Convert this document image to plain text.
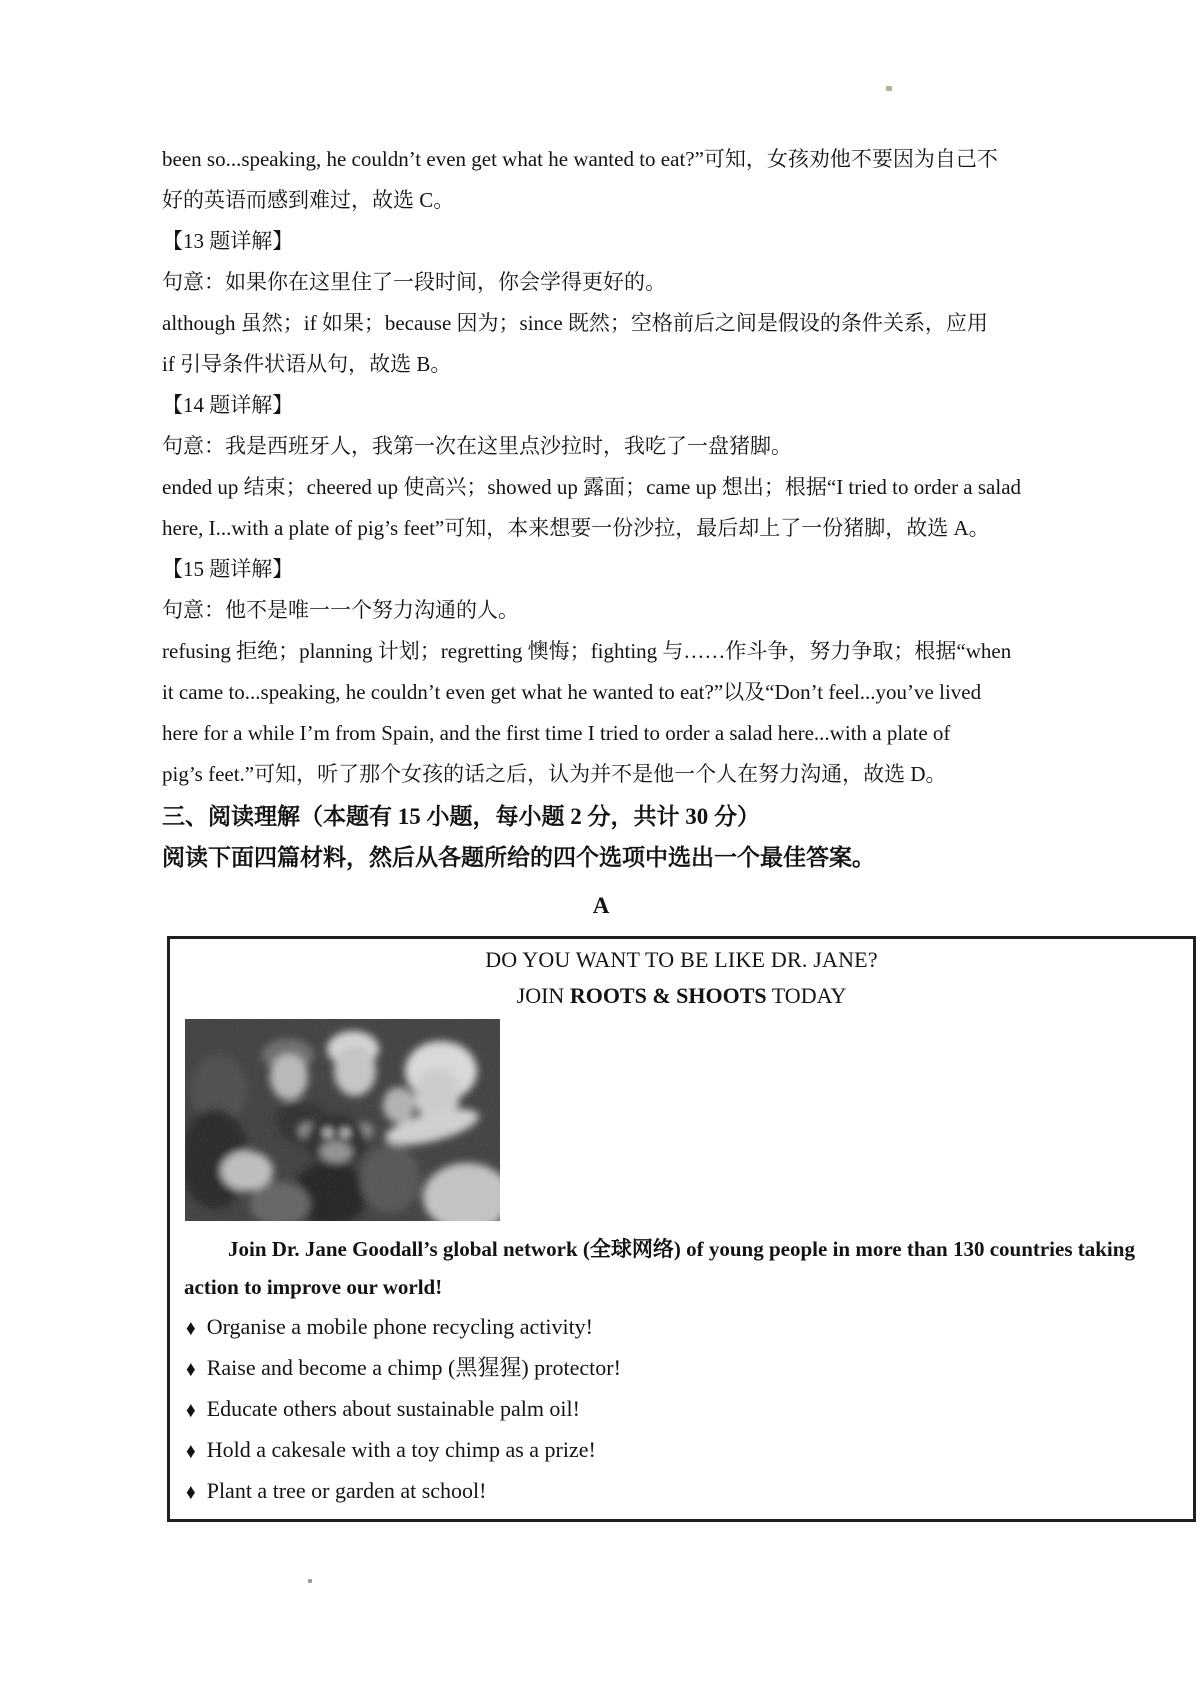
been so...speaking, he couldn’t even get what he wanted to eat?”可知，女孩劝他不要因为自己不
好的英语而感到难过，故选 C。
【13 题详解】
句意：如果你在这里住了一段时间，你会学得更好的。
although 虽然；if 如果；because 因为；since 既然；空格前后之间是假设的条件关系，应用
if 引导条件状语从句，故选 B。
【14 题详解】
句意：我是西班牙人，我第一次在这里点沙拉时，我吃了一盘猪脚。
ended up 结束；cheered up 使高兴；showed up 露面；came up 想出；根据“I tried to order a salad
here, I...with a plate of pig’s feet”可知，本来想要一份沙拉，最后却上了一份猪脚，故选 A。
【15 题详解】
句意：他不是唯一一个努力沟通的人。
refusing 拒绝；planning 计划；regretting 懊悔；fighting 与……作斗争，努力争取；根据“when
it came to...speaking, he couldn’t even get what he wanted to eat?”以及“Don’t feel...you’ve lived
here for a while I’m from Spain, and the first time I tried to order a salad here...with a plate of
pig’s feet.”可知，听了那个女孩的话之后，认为并不是他一个人在努力沟通，故选 D。
三、阅读理解（本题有 15 小题，每小题 2 分，共计 30 分）
阅读下面四篇材料，然后从各题所给的四个选项中选出一个最佳答案。
A
DO YOU WANT TO BE LIKE DR. JANE?
JOIN ROOTS & SHOOTS TODAY
Join Dr. Jane Goodall’s global network (全球网络) of young people in more than 130 countries taking
action to improve our world!
♦ Organise a mobile phone recycling activity!
♦ Raise and become a chimp (黑猩猩) protector!
♦ Educate others about sustainable palm oil!
♦ Hold a cakesale with a toy chimp as a prize!
♦ Plant a tree or garden at school!
